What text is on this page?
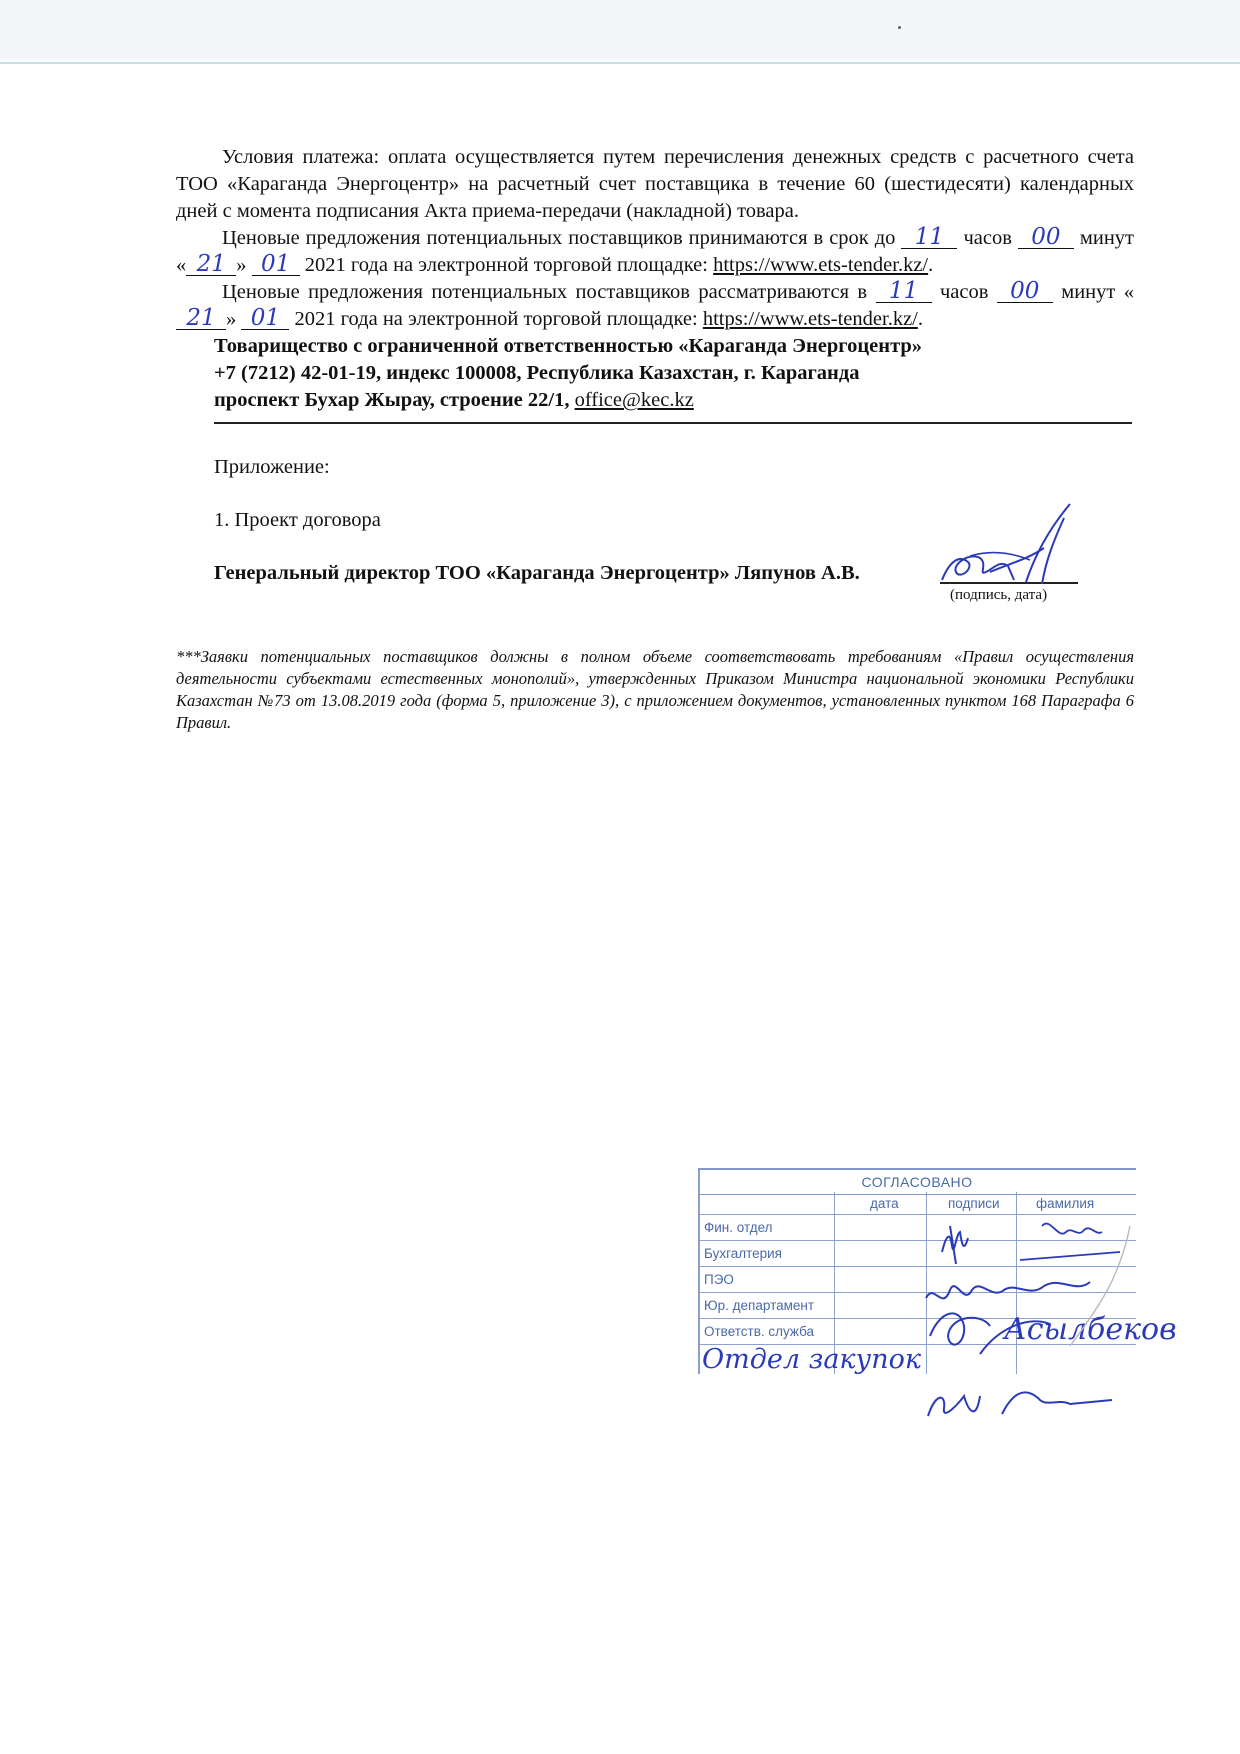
Условия платежа: оплата осуществляется путем перечисления денежных средств с расчетного счета ТОО «Караганда Энергоцентр» на расчетный счет поставщика в течение 60 (шестидесяти) календарных дней с момента подписания Акта приема-передачи (накладной) товара.
Ценовые предложения потенциальных поставщиков принимаются в срок до 11 часов 00 минут « 21 » 01 2021 года на электронной торговой площадке: https://www.ets-tender.kz/.
Ценовые предложения потенциальных поставщиков рассматриваются в 11 часов 00 минут «21 » 01 2021 года на электронной торговой площадке: https://www.ets-tender.kz/.
Товарищество с ограниченной ответственностью «Караганда Энергоцентр»
+7 (7212) 42-01-19, индекс 100008, Республика Казахстан, г. Караганда
проспект Бухар Жырау, строение 22/1, office@kec.kz
Приложение:
1. Проект договора
Генеральный директор ТОО «Караганда Энергоцентр» Ляпунов А.В.
(подпись, дата)
***Заявки потенциальных поставщиков должны в полном объеме соответствовать требованиям «Правил осуществления деятельности субъектами естественных монополий», утвержденных Приказом Министра национальной экономики Республики Казахстан №73 от 13.08.2019 года (форма 5, приложение 3), с приложением документов, установленных пунктом 168 Параграфа 6 Правил.
СОГЛАСОВАНО
дата	подписи	фамилия
Фин. отдел
Бухгалтерия
ПЭО
Юр. департамент
Ответств. служба
Отдел закупок
Асылбеков
